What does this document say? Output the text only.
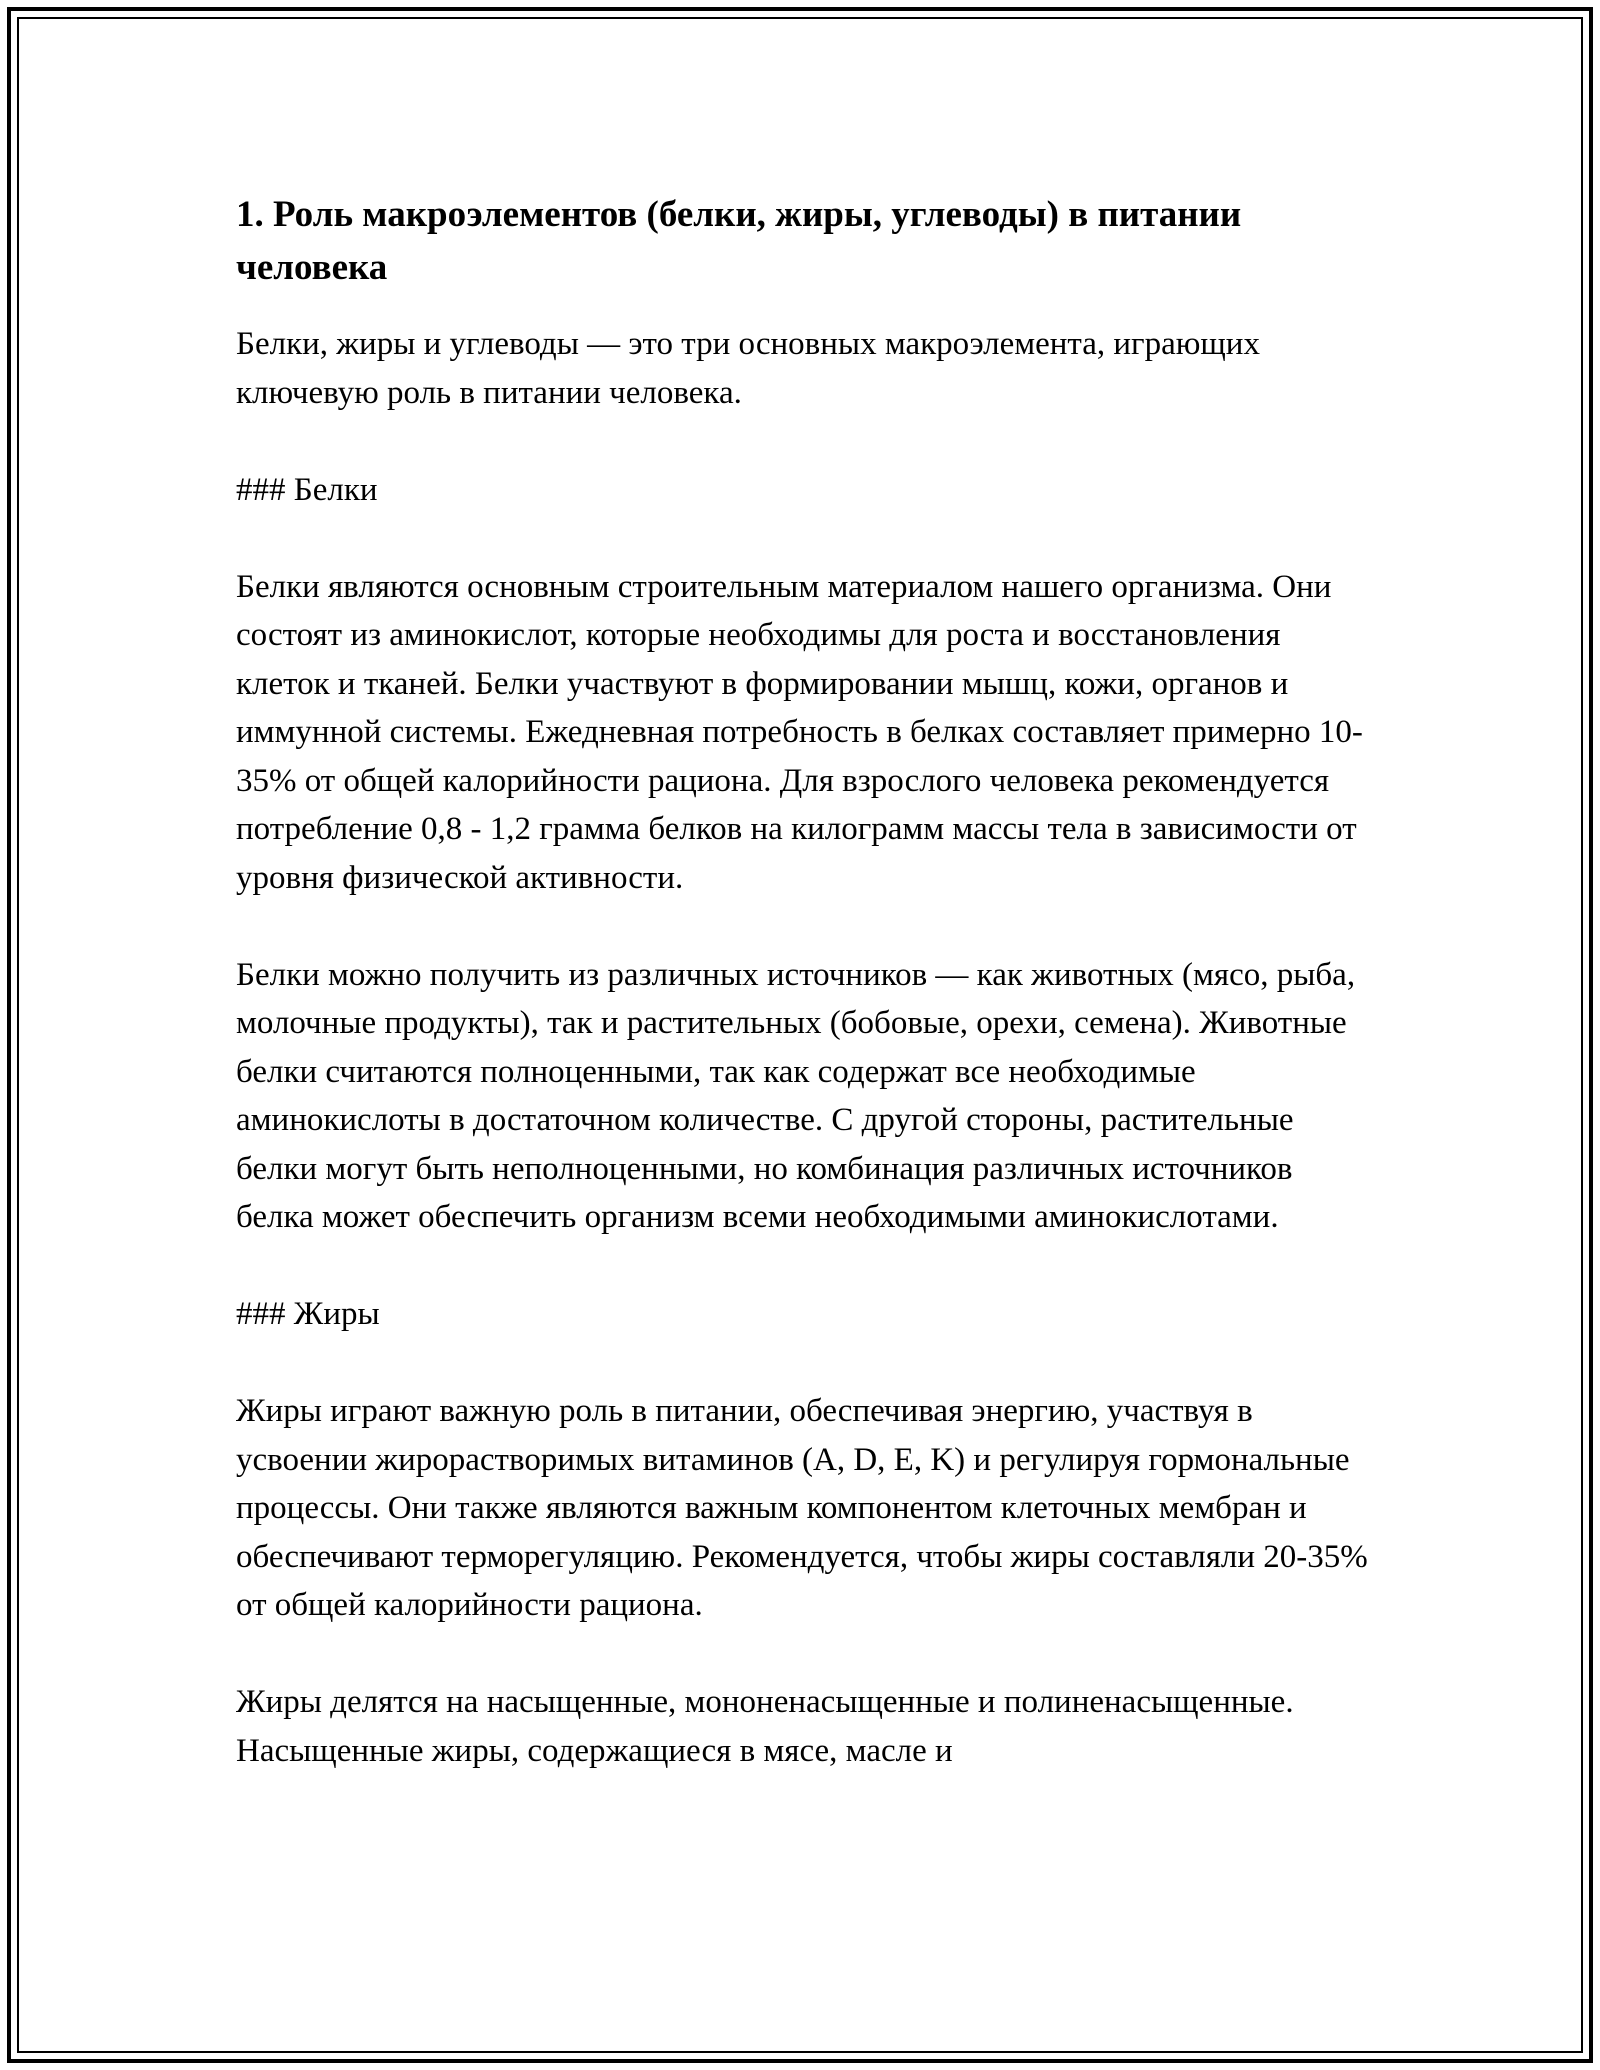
1. Роль макроэлементов (белки, жиры, углеводы) в питании человека

Белки, жиры и углеводы — это три основных макроэлемента, играющих ключевую роль в питании человека.

### Белки

Белки являются основным строительным материалом нашего организма. Они состоят из аминокислот, которые необходимы для роста и восстановления клеток и тканей. Белки участвуют в формировании мышц, кожи, органов и иммунной системы. Ежедневная потребность в белках составляет примерно 10-35% от общей калорийности рациона. Для взрослого человека рекомендуется потребление 0,8 - 1,2 грамма белков на килограмм массы тела в зависимости от уровня физической активности.

Белки можно получить из различных источников — как животных (мясо, рыба, молочные продукты), так и растительных (бобовые, орехи, семена). Животные белки считаются полноценными, так как содержат все необходимые аминокислоты в достаточном количестве. С другой стороны, растительные белки могут быть неполноценными, но комбинация различных источников белка может обеспечить организм всеми необходимыми аминокислотами.

### Жиры

Жиры играют важную роль в питании, обеспечивая энергию, участвуя в усвоении жирорастворимых витаминов (A, D, E, K) и регулируя гормональные процессы. Они также являются важным компонентом клеточных мембран и обеспечивают терморегуляцию. Рекомендуется, чтобы жиры составляли 20-35% от общей калорийности рациона.

Жиры делятся на насыщенные, мононенасыщенные и полиненасыщенные. Насыщенные жиры, содержащиеся в мясе, масле и
